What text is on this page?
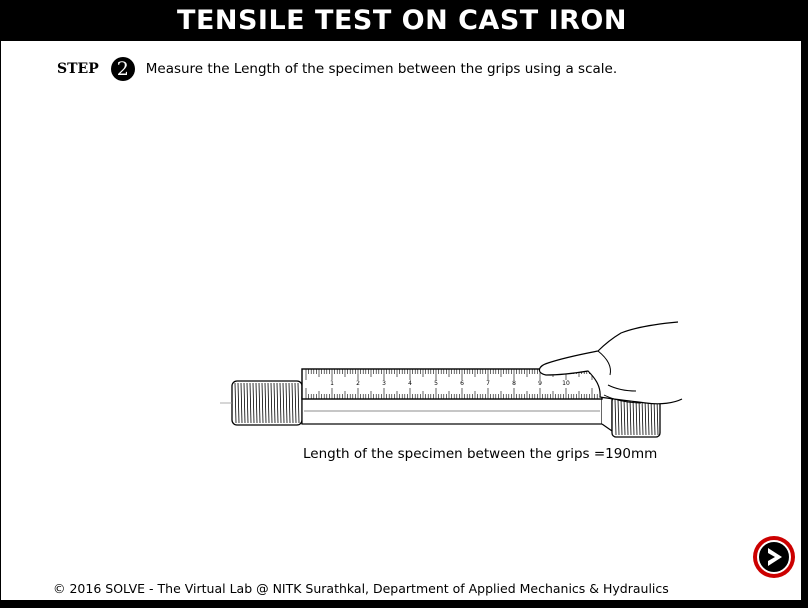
TENSILE TEST ON CAST IRON
STEP 2	Measure the Length of the specimen between the grips using a scale.
1	2	3	4	5	6	7	8	9	10
Length of the specimen between the grips =190mm
© 2016 SOLVE - The Virtual Lab @ NITK Surathkal, Department of Applied Mechanics & Hydraulics
